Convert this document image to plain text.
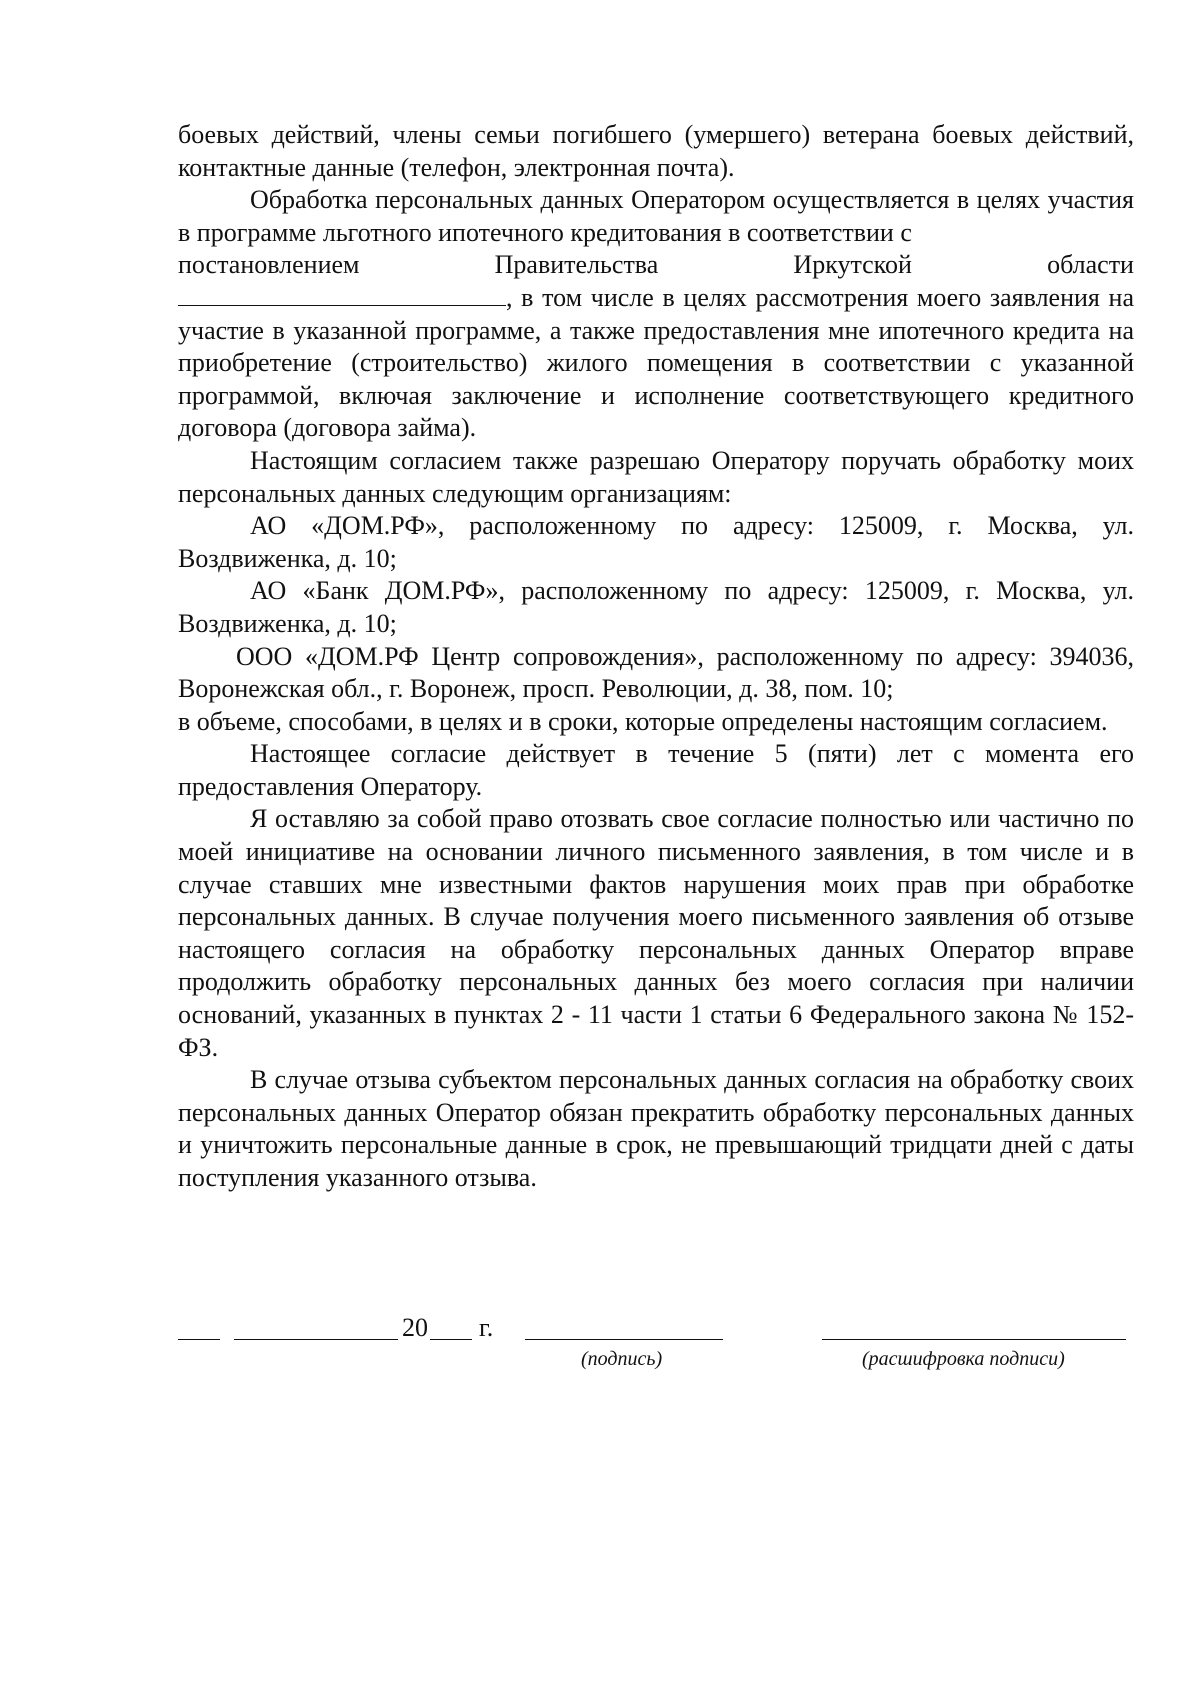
боевых действий, члены семьи погибшего (умершего) ветерана боевых действий, контактные данные (телефон, электронная почта).

Обработка персональных данных Оператором осуществляется в целях участия в программе льготного ипотечного кредитования в соответствии с

постановлением	Правительства	Иркутской	области

, в том числе в целях рассмотрения моего заявления на участие в указанной программе, а также предоставления мне ипотечного кредита на приобретение (строительство) жилого помещения в соответствии с указанной программой, включая заключение и исполнение соответствующего кредитного договора (договора займа).

Настоящим согласием также разрешаю Оператору поручать обработку моих персональных данных следующим организациям:

АО «ДОМ.РФ», расположенному по адресу: 125009, г. Москва, ул. Воздвиженка, д. 10;

АО «Банк ДОМ.РФ», расположенному по адресу: 125009, г. Москва, ул. Воздвиженка, д. 10;

ООО «ДОМ.РФ Центр сопровождения», расположенному по адресу: 394036, Воронежская обл., г. Воронеж, просп. Революции, д. 38, пом. 10;

в объеме, способами, в целях и в сроки, которые определены настоящим согласием.

Настоящее согласие действует в течение 5 (пяти) лет с момента его предоставления Оператору.

Я оставляю за собой право отозвать свое согласие полностью или частично по моей инициативе на основании личного письменного заявления, в том числе и в случае ставших мне известными фактов нарушения моих прав при обработке персональных данных. В случае получения моего письменного заявления об отзыве настоящего согласия на обработку персональных данных Оператор вправе продолжить обработку персональных данных без моего согласия при наличии оснований, указанных в пунктах 2 - 11 части 1 статьи 6 Федерального закона № 152-ФЗ.

В случае отзыва субъектом персональных данных согласия на обработку своих персональных данных Оператор обязан прекратить обработку персональных данных и уничтожить персональные данные в срок, не превышающий тридцати дней с даты поступления указанного отзыва.

20 г.
(подпись)	(расшифровка подписи)
